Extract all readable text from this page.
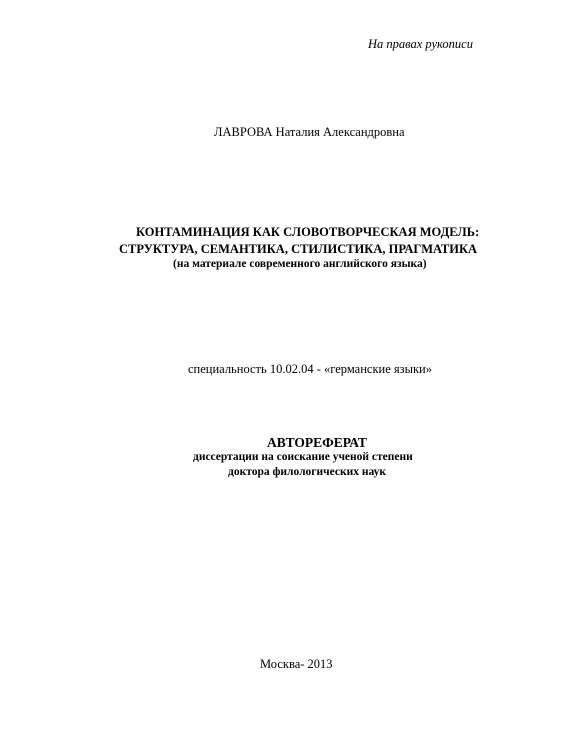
На правах рукописи
ЛАВРОВА Наталия Александровна
КОНТАМИНАЦИЯ КАК СЛОВОТВОРЧЕСКАЯ МОДЕЛЬ:
СТРУКТУРА, СЕМАНТИКА, СТИЛИСТИКА, ПРАГМАТИКА
(на материале современного английского языка)
специальность 10.02.04 - «германские языки»
АВТОРЕФЕРАТ
диссертации на соискание ученой степени
доктора филологических наук
Москва- 2013
